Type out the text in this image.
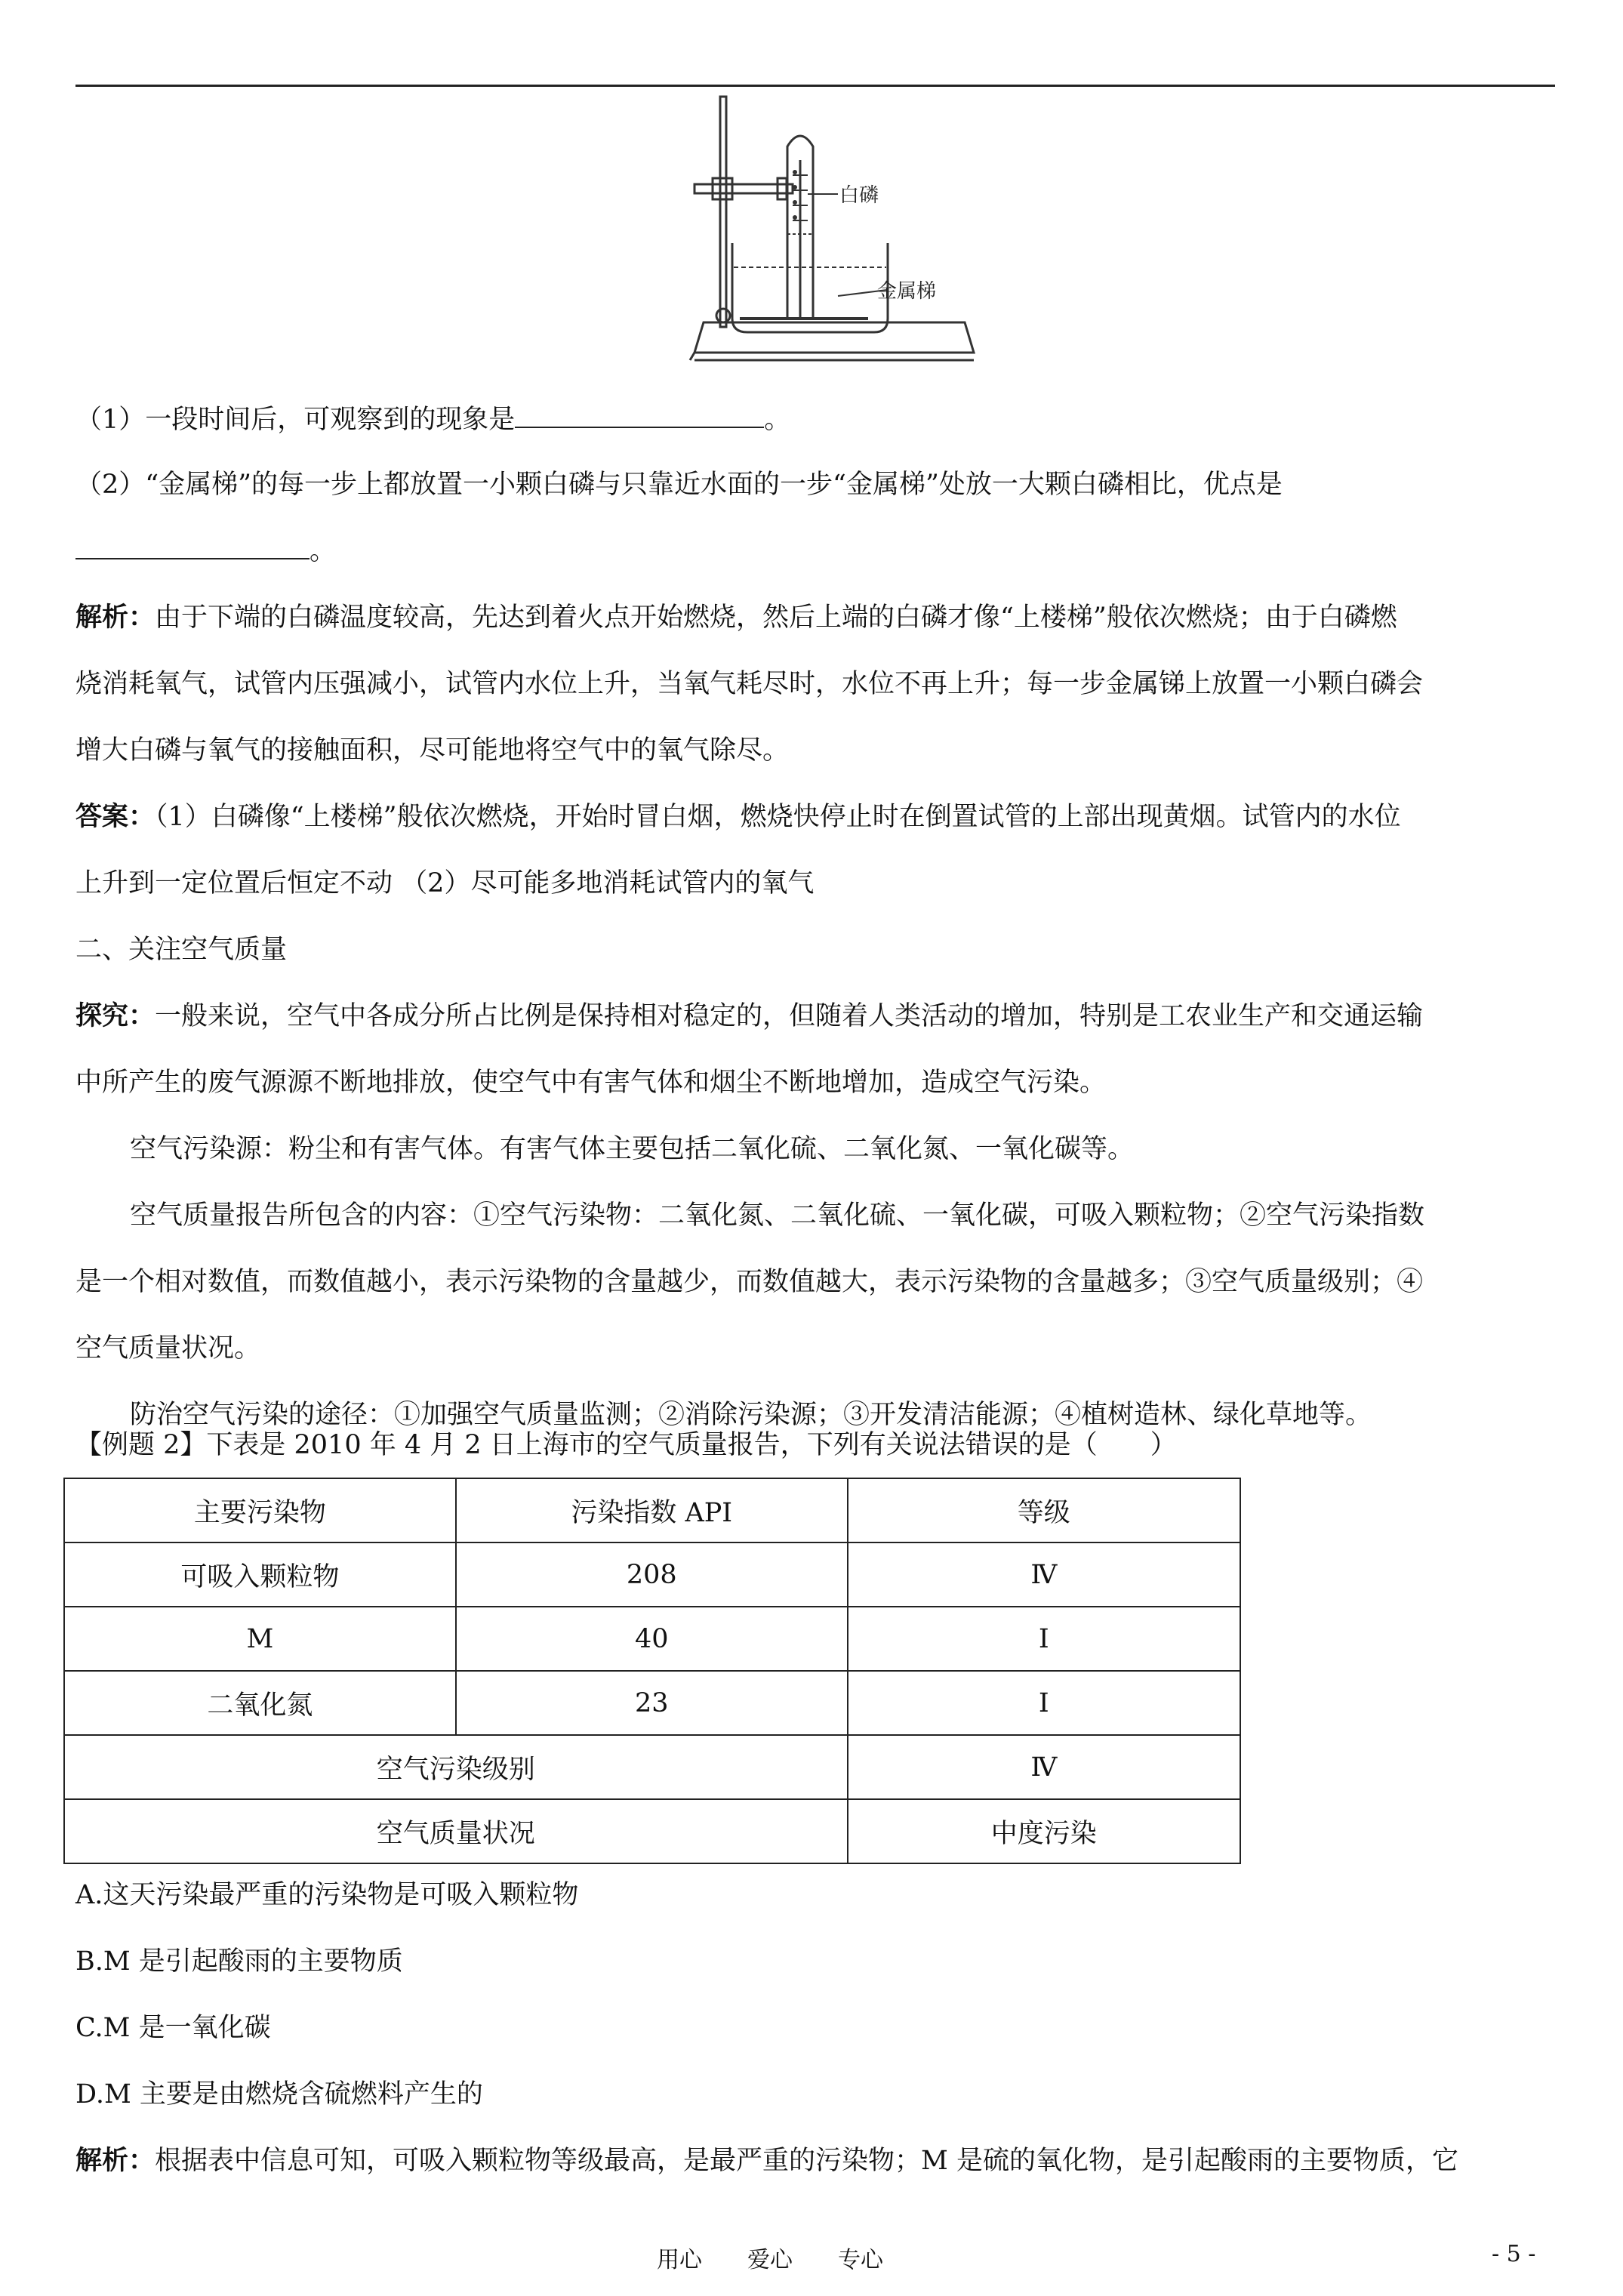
白磷
金属梯

（1）一段时间后，可观察到的现象是	。

（2）“金属梯”的每一步上都放置一小颗白磷与只靠近水面的一步“金属梯”处放一大颗白磷相比，优点是

。

解析：由于下端的白磷温度较高，先达到着火点开始燃烧，然后上端的白磷才像“上楼梯”般依次燃烧；由于白磷燃

烧消耗氧气，试管内压强减小，试管内水位上升，当氧气耗尽时，水位不再上升；每一步金属锑上放置一小颗白磷会

增大白磷与氧气的接触面积，尽可能地将空气中的氧气除尽。

答案：（1）白磷像“上楼梯”般依次燃烧，开始时冒白烟，燃烧快停止时在倒置试管的上部出现黄烟。试管内的水位

上升到一定位置后恒定不动 （2）尽可能多地消耗试管内的氧气

二、关注空气质量

探究：一般来说，空气中各成分所占比例是保持相对稳定的，但随着人类活动的增加，特别是工农业生产和交通运输

中所产生的废气源源不断地排放，使空气中有害气体和烟尘不断地增加，造成空气污染。

空气污染源：粉尘和有害气体。有害气体主要包括二氧化硫、二氧化氮、一氧化碳等。

空气质量报告所包含的内容：①空气污染物：二氧化氮、二氧化硫、一氧化碳，可吸入颗粒物；②空气污染指数

是一个相对数值，而数值越小，表示污染物的含量越少，而数值越大，表示污染物的含量越多；③空气质量级别；④

空气质量状况。

防治空气污染的途径：①加强空气质量监测；②消除污染源；③开发清洁能源；④植树造林、绿化草地等。

【例题 2】下表是 2010 年 4 月 2 日上海市的空气质量报告，下列有关说法错误的是（　　）

主要污染物	污染指数 API	等级
可吸入颗粒物	208	Ⅳ
M	40	I
二氧化氮	23	I
空气污染级别		Ⅳ
空气质量状况		中度污染

A.这天污染最严重的污染物是可吸入颗粒物

B.M 是引起酸雨的主要物质

C.M 是一氧化碳

D.M 主要是由燃烧含硫燃料产生的

解析：根据表中信息可知，可吸入颗粒物等级最高，是最严重的污染物；M 是硫的氧化物，是引起酸雨的主要物质，它

用心　　爱心　　专心	- 5 -
